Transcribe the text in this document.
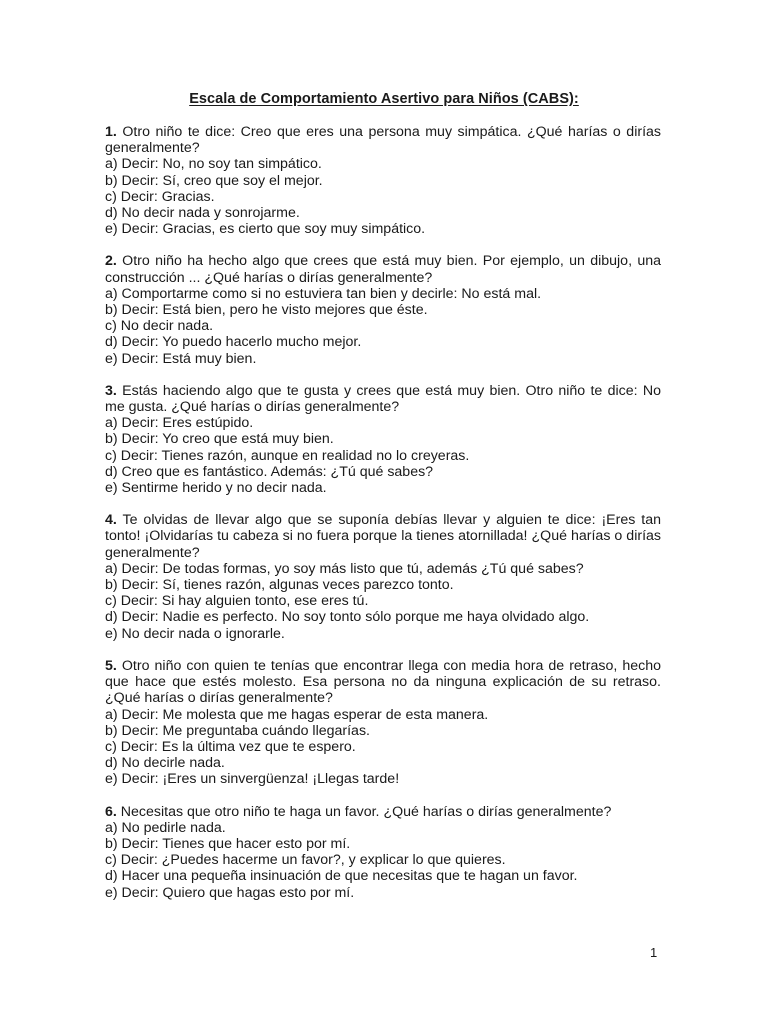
Escala de Comportamiento Asertivo para Niños (CABS):

1. Otro niño te dice: Creo que eres una persona muy simpática. ¿Qué harías o dirías generalmente?

a) Decir: No, no soy tan simpático.
b) Decir: Sí, creo que soy el mejor.
c) Decir: Gracias.
d) No decir nada y sonrojarme.
e) Decir: Gracias, es cierto que soy muy simpático.

2. Otro niño ha hecho algo que crees que está muy bien. Por ejemplo, un dibujo, una construcción ... ¿Qué harías o dirías generalmente?

a) Comportarme como si no estuviera tan bien y decirle: No está mal.
b) Decir: Está bien, pero he visto mejores que éste.
c) No decir nada.
d) Decir: Yo puedo hacerlo mucho mejor.
e) Decir: Está muy bien.

3. Estás haciendo algo que te gusta y crees que está muy bien. Otro niño te dice: No me gusta. ¿Qué harías o dirías generalmente?

a) Decir: Eres estúpido.
b) Decir: Yo creo que está muy bien.
c) Decir: Tienes razón, aunque en realidad no lo creyeras.
d) Creo que es fantástico. Además: ¿Tú qué sabes?
e) Sentirme herido y no decir nada.

4. Te olvidas de llevar algo que se suponía debías llevar y alguien te dice: ¡Eres tan tonto! ¡Olvidarías tu cabeza si no fuera porque la tienes atornillada! ¿Qué harías o dirías generalmente?

a) Decir: De todas formas, yo soy más listo que tú, además ¿Tú qué sabes?
b) Decir: Sí, tienes razón, algunas veces parezco tonto.
c) Decir: Si hay alguien tonto, ese eres tú.
d) Decir: Nadie es perfecto. No soy tonto sólo porque me haya olvidado algo.
e) No decir nada o ignorarle.

5. Otro niño con quien te tenías que encontrar llega con media hora de retraso, hecho que hace que estés molesto. Esa persona no da ninguna explicación de su retraso. ¿Qué harías o dirías generalmente?

a) Decir: Me molesta que me hagas esperar de esta manera.
b) Decir: Me preguntaba cuándo llegarías.
c) Decir: Es la última vez que te espero.
d) No decirle nada.
e) Decir: ¡Eres un sinvergüenza! ¡Llegas tarde!

6. Necesitas que otro niño te haga un favor. ¿Qué harías o dirías generalmente?

a) No pedirle nada.
b) Decir: Tienes que hacer esto por mí.
c) Decir: ¿Puedes hacerme un favor?, y explicar lo que quieres.
d) Hacer una pequeña insinuación de que necesitas que te hagan un favor.
e) Decir: Quiero que hagas esto por mí.
1
